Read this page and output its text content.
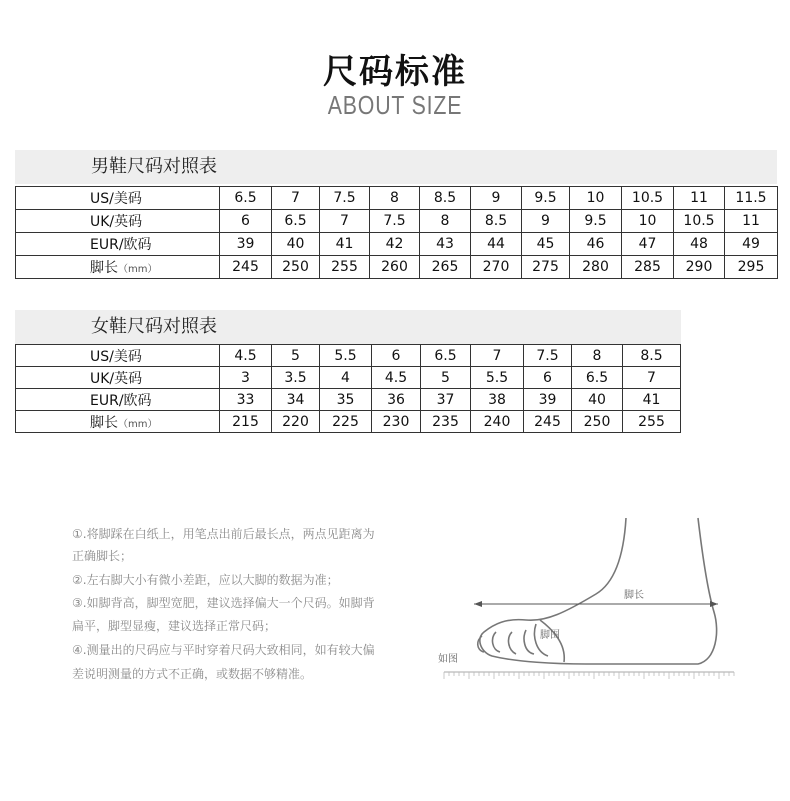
尺码标准
ABOUT SIZE
男鞋尺码对照表
US/美码	6.5	7	7.5	8	8.5	9	9.5	10	10.5	11	11.5
UK/英码	6	6.5	7	7.5	8	8.5	9	9.5	10	10.5	11
EUR/欧码	39	40	41	42	43	44	45	46	47	48	49
脚长（mm）	245	250	255	260	265	270	275	280	285	290	295
女鞋尺码对照表
US/美码	4.5	5	5.5	6	6.5	7	7.5	8	8.5
UK/英码	3	3.5	4	4.5	5	5.5	6	6.5	7
EUR/欧码	33	34	35	36	37	38	39	40	41
脚长（mm）	215	220	225	230	235	240	245	250	255
①.将脚踩在白纸上，用笔点出前后最长点，两点见距离为
正确脚长；
②.左右脚大小有微小差距，应以大脚的数据为准；
③.如脚背高，脚型宽肥，建议选择偏大一个尺码。如脚背
扁平，脚型显瘦，建议选择正常尺码；
④.测量出的尺码应与平时穿着尺码大致相同，如有较大偏
差说明测量的方式不正确，或数据不够精准。
脚长
脚围
如图
